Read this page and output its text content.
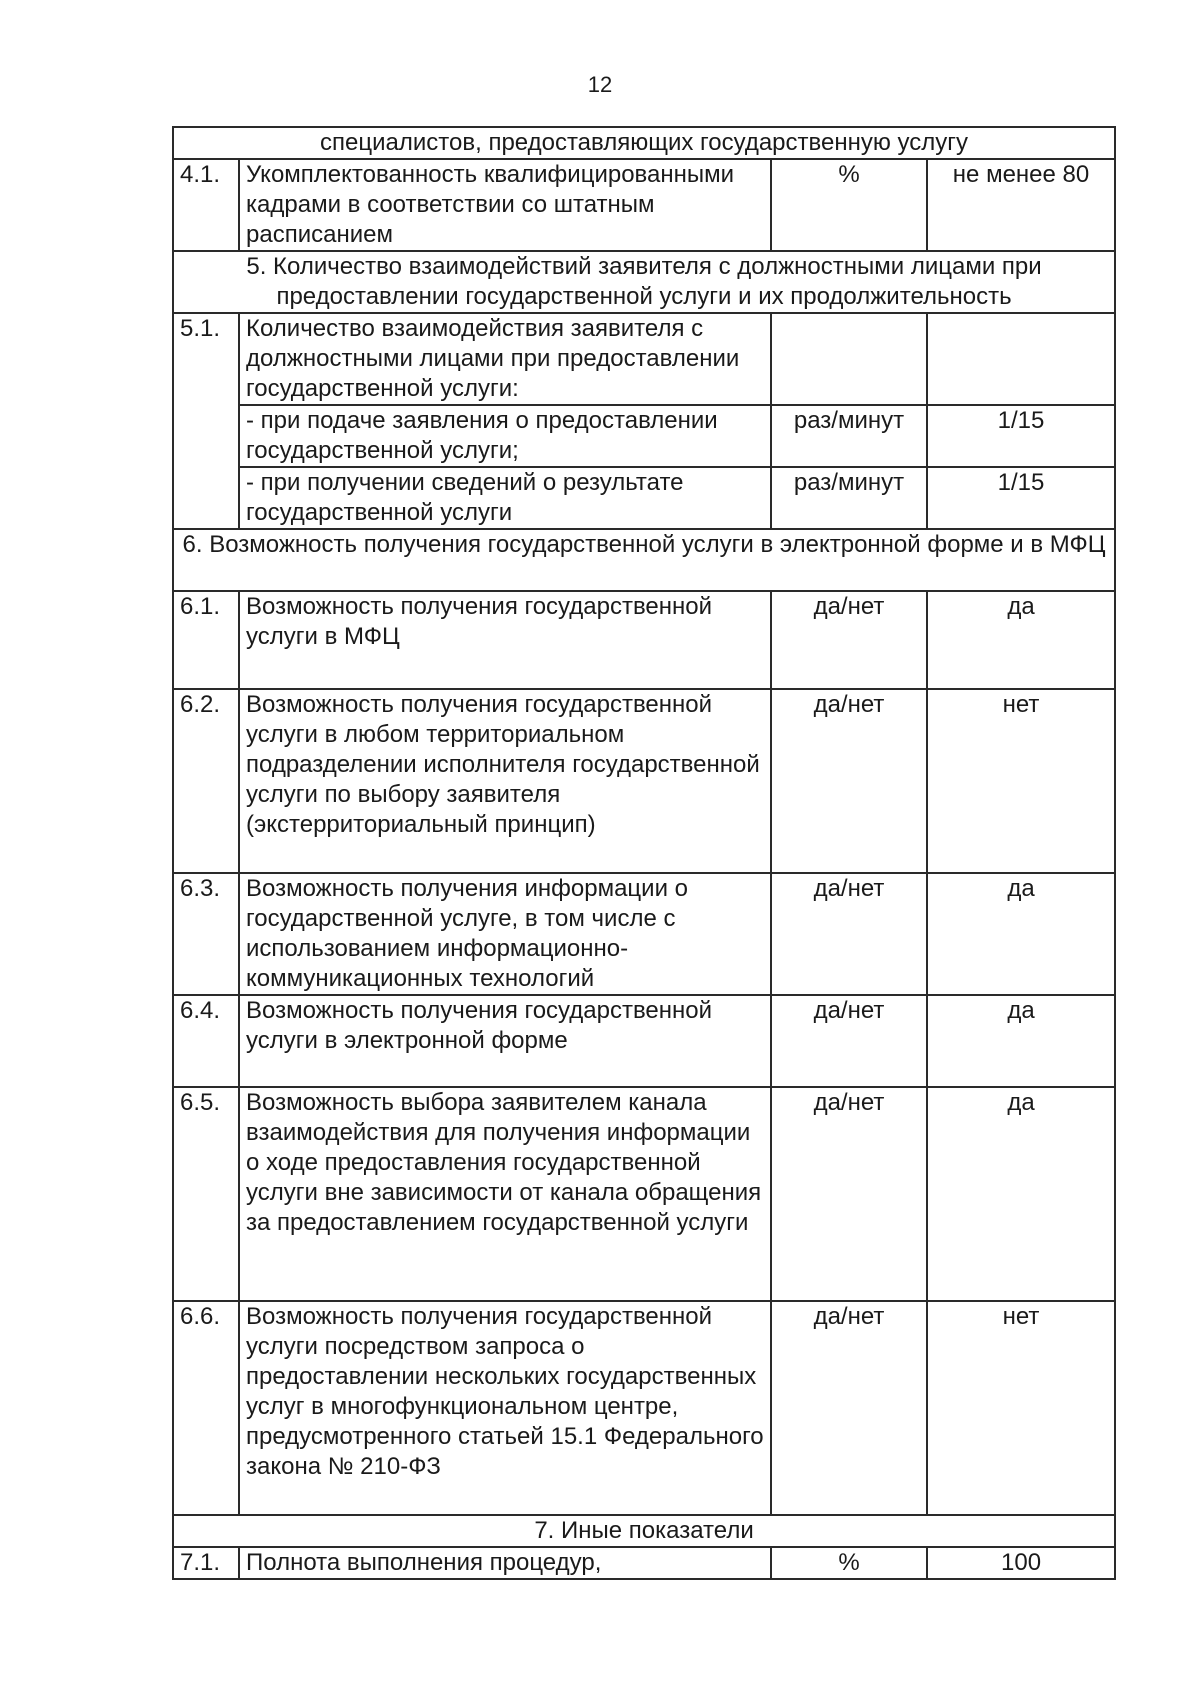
12
специалистов, предоставляющих государственную услугу			
4.1.	Укомплектованность квалифицированными кадрами в соответствии со штатным расписанием	%	не менее 80
5. Количество взаимодействий заявителя с должностными лицами при предоставлении государственной услуги и их продолжительность			
5.1.	Количество взаимодействия заявителя с должностными лицами при предоставлении государственной услуги:		
	- при подаче заявления о предоставлении государственной услуги;	раз/минут	1/15
	- при получении сведений о результате государственной услуги	раз/минут	1/15
6. Возможность получения государственной услуги в электронной форме и в МФЦ			
6.1.	Возможность получения государственной услуги в МФЦ	да/нет	да
6.2.	Возможность получения государственной услуги в любом территориальном подразделении исполнителя государственной услуги по выбору заявителя (экстерриториальный принцип)	да/нет	нет
6.3.	Возможность получения информации о государственной услуге, в том числе с использованием информационно-коммуникационных технологий	да/нет	да
6.4.	Возможность получения государственной услуги в электронной форме	да/нет	да
6.5.	Возможность выбора заявителем канала взаимодействия для получения информации о ходе предоставления государственной услуги вне зависимости от канала обращения за предоставлением государственной услуги	да/нет	да
6.6.	Возможность получения государственной услуги посредством запроса о предоставлении нескольких государственных услуг в многофункциональном центре, предусмотренного статьей 15.1 Федерального закона № 210-ФЗ	да/нет	нет
7. Иные показатели			
7.1.	Полнота выполнения процедур,	%	100
